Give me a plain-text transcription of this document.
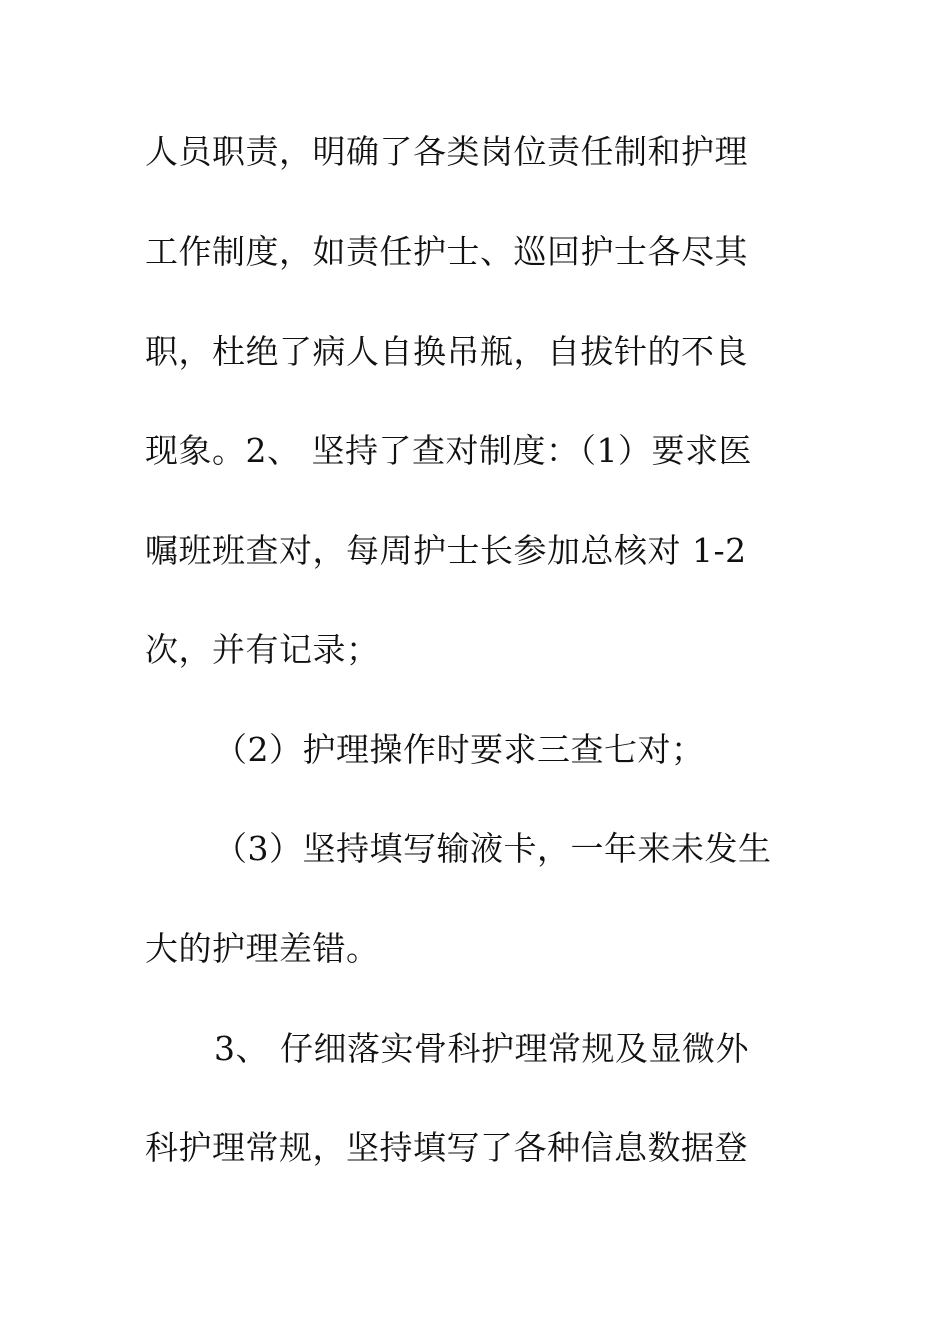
人员职责，明确了各类岗位责任制和护理
工作制度，如责任护士、巡回护士各尽其
职，杜绝了病人自换吊瓶，自拔针的不良
现象。2、 坚持了查对制度：（1）要求医
嘱班班查对，每周护士长参加总核对 1-2
次，并有记录；
（2）护理操作时要求三查七对；
（3）坚持填写输液卡，一年来未发生
大的护理差错。
3、 仔细落实骨科护理常规及显微外
科护理常规，坚持填写了各种信息数据登
